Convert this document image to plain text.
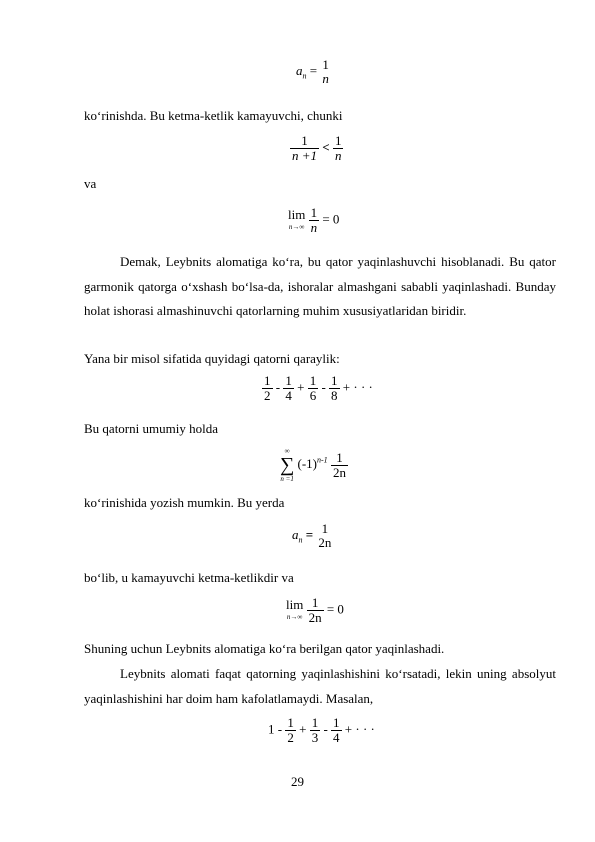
$a_n = 1$
n

ko‘rinishda. Bu ketma-ketlik kamayuvchi, chunki

$\frac{1}{n +1} < \frac{1}{n}$

va

lim
n→∞
$\frac{1}{n} = 0$

Demak, Leybnits alomatiga ko‘ra, bu qator yaqinlashuvchi hisoblanadi. Bu qator garmonik qatorga o‘xshash bo‘lsa-da, ishoralar almashgani sababli yaqinlashadi. Bunday holat ishorasi almashinuvchi qatorlarning muhim xususiyatlaridan biridir.

Yana bir misol sifatida quyidagi qatorni qaraylik:

$\frac{1}{2} - \frac{1}{4} + \frac{1}{6} - \frac{1}{8}$ + · · ·

Bu qatorni umumiy holda

∞
∑
n =1
$(-1)^{n-1} \frac{1}{2n}$

ko‘rinishida yozish mumkin. Bu yerda

$a_n = 1$
2n

bo‘lib, u kamayuvchi ketma-ketlikdir va

lim
n→∞
$\frac{1}{2n} = 0$

Shuning uchun Leybnits alomatiga ko‘ra berilgan qator yaqinlashadi.

Leybnits alomati faqat qatorning yaqinlashishini ko‘rsatadi, lekin uning absolyut yaqinlashishini har doim ham kafolatlamaydi. Masalan,

$1 - \frac{1}{2} + \frac{1}{3} - \frac{1}{4}$ + · · ·
29
